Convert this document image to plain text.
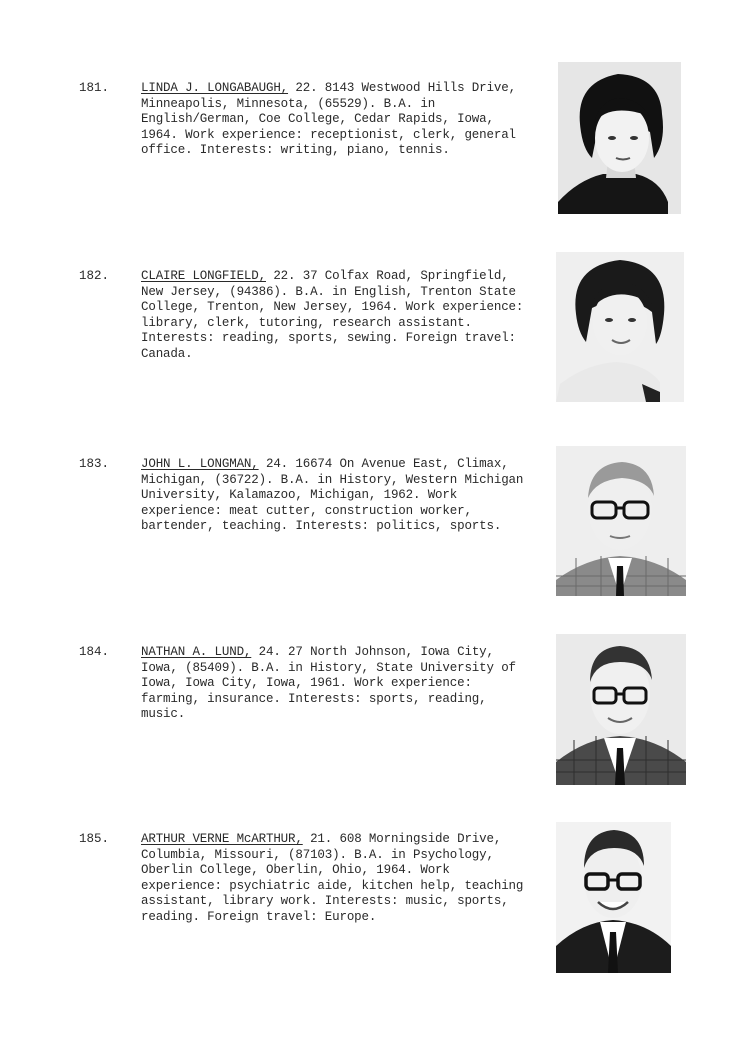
181.	LINDA J. LONGABAUGH, 22. 8143 Westwood Hills Drive, Minneapolis, Minnesota, (65529). B.A. in English/German, Coe College, Cedar Rapids, Iowa, 1964. Work experience: receptionist, clerk, general office. Interests: writing, piano, tennis.

182.	CLAIRE LONGFIELD, 22. 37 Colfax Road, Springfield, New Jersey, (94386). B.A. in English, Trenton State College, Trenton, New Jersey, 1964. Work experience: library, clerk, tutoring, research assistant. Interests: reading, sports, sewing. Foreign travel: Canada.

183.	JOHN L. LONGMAN, 24. 16674 On Avenue East, Climax, Michigan, (36722). B.A. in History, Western Michigan University, Kalamazoo, Michigan, 1962. Work experience: meat cutter, construction worker, bartender, teaching. Interests: politics, sports.

184.	NATHAN A. LUND, 24. 27 North Johnson, Iowa City, Iowa, (85409). B.A. in History, State University of Iowa, Iowa City, Iowa, 1961. Work experience: farming, insurance. Interests: sports, reading, music.

185.	ARTHUR VERNE McARTHUR, 21. 608 Morningside Drive, Columbia, Missouri, (87103). B.A. in Psychology, Oberlin College, Oberlin, Ohio, 1964. Work experience: psychiatric aide, kitchen help, teaching assistant, library work. Interests: music, sports, reading. Foreign travel: Europe.
